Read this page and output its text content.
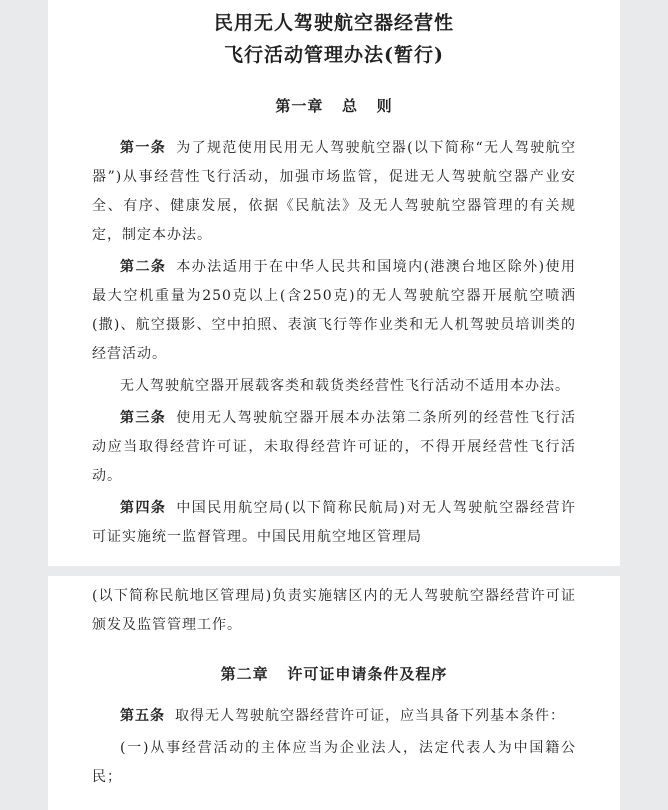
民用无人驾驶航空器经营性
飞行活动管理办法(暂行)
第一章   总   则

第一条 为了规范使用民用无人驾驶航空器(以下简称“无人驾驶航空器”)从事经营性飞行活动，加强市场监管，促进无人驾驶航空器产业安全、有序、健康发展，依据《民航法》及无人驾驶航空器管理的有关规定，制定本办法。

第二条 本办法适用于在中华人民共和国境内(港澳台地区除外)使用最大空机重量为250克以上(含250克)的无人驾驶航空器开展航空喷洒(撒)、航空摄影、空中拍照、表演飞行等作业类和无人机驾驶员培训类的经营活动。

无人驾驶航空器开展载客类和载货类经营性飞行活动不适用本办法。

第三条 使用无人驾驶航空器开展本办法第二条所列的经营性飞行活动应当取得经营许可证，未取得经营许可证的，不得开展经营性飞行活动。

第四条 中国民用航空局(以下简称民航局)对无人驾驶航空器经营许可证实施统一监督管理。中国民用航空地区管理局

(以下简称民航地区管理局)负责实施辖区内的无人驾驶航空器经营许可证颁发及监管管理工作。

第二章   许可证申请条件及程序

第五条 取得无人驾驶航空器经营许可证，应当具备下列基本条件：

(一)从事经营活动的主体应当为企业法人，法定代表人为中国籍公民；
